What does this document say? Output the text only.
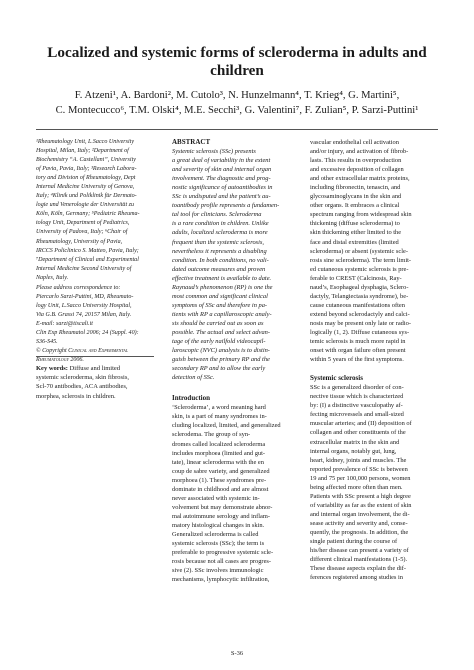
Localized and systemic forms of scleroderma in adults and
children
F. Atzeni¹, A. Bardoni², M. Cutolo³, N. Hunzelmann⁴, T. Krieg⁴, G. Martini⁵,
C. Montecucco⁶, T.M. Olski⁴, M.E. Secchi³, G. Valentini⁷, F. Zulian⁵, P. Sarzi-Puttini¹

¹Rheumatology Unit, L.Sacco University

Hospital, Milan, Italy; ²Department of

Biochemistry “A. Castellani”, University

of Pavia, Pavia, Italy; ³Research Labora-

tory and Division of Rheumatology, Dept

Internal Medicine University of Genova,

Italy; ⁴Klinik und Poliklinik für Dermato-

logie und Venerologie der Universität zu

Köln, Köln, Germany; ⁵Pediatric Rheuma-

tology Unit, Department of Pediatrics,

University of Padova, Italy; ⁶Chair of

Rheumatology, University of Pavia,

IRCCS Policlinico S. Matteo, Pavia, Italy;

⁷Department of Clinical and Experimental

Internal Medicine Second University of

Naples, Italy.

Please address correspondence to:

Piercarlo Sarzi-Puttini, MD, Rheumato-

logy Unit, L.Sacco University Hospital,

Via G.B. Grassi 74, 20157 Milan, Italy.

E-mail: sarzi@tiscali.it

Clin Exp Rheumatol 2006; 24 (Suppl. 40):

S36-S45.

© Copyright Clinical and Experimental

Rheumatology 2006.

Key words: Diffuse and limited

systemic scleroderma, skin fibrosis,

Scl-70 antibodies, ACA antibodies,

morphea, sclerosis in children.

ABSTRACT

Systemic sclerosis (SSc) presents

a great deal of variability in the extent

and severity of skin and internal organ

involvement. The diagnostic and prog-

nostic significance of autoantibodies in

SSc is undisputed and the patient’s au-

toantibody profile represents a fundamen-

tal tool for clinicians. Scleroderma

is a rare condition in children. Unlike

adults, localized scleroderma is more

frequent than the systemic sclerosis,

nevertheless it represents a disabling

condition. In both conditions, no vali-

dated outcome measures and proven

effective treatment is available to date.

Raynaud’s phenomenon (RP) is one the

most common and significant clinical

symptoms of SSc and therefore in pa-

tients with RP a capillaroscopic analy-

sis should be carried out as soon as

possible. The actual and select advan-

tage of the early nailfold videocapil-

laroscopic (NVC) analysis is to distin-

guish between the primary RP and the

secondary RP and to allow the early

detection of SSc.

Introduction

‘Scleroderma’, a word meaning hard

skin, is a part of many syndromes in-

cluding localized, limited, and generalized

sclerodema. The group of syn-

dromes called localized scleroderma

includes morphoea (limited and gut-

tate), linear scleroderma with the en

coup de sabre variety, and generalized

morphoea (1). These syndromes pre-

dominate in childhood and are almost

never associated with systemic in-

volvement but may demonstrate abnor-

mal autoimmune serology and inflam-

matory histological changes in skin.

Generalized scleroderma is called

systemic sclerosis (SSc); the term is

preferable to progressive systemic scle-

rosis because not all cases are progres-

sive (2). SSc involves immunologic

mechanisms, lymphocytic infiltration,

vascular endothelial cell activation

and/or injury, and activation of fibrob-

lasts. This results in overproduction

and excessive deposition of collagen

and other extracellular matrix proteins,

including fibronectin, tenascin, and

glycosaminoglycans in the skin and

other organs. It embraces a clinical

spectrum ranging from widespread skin

thickening (diffuse scleroderma) to

skin thickening either limited to the

face and distal extremities (limited

scleroderma) or absent (systemic scle-

rosis sine scleroderma). The term limit-

ed cutaneous systemic sclerosis is pre-

ferable to CREST (Calcinosis, Ray-

naud’s, Esophageal dysphagia, Sclero-

dactyly, Telangiectasia syndrome), be-

cause cutaneous manifestations often

extend beyond sclerodactyly and calci-

nosis may be present only late or radio-

logically (1, 2). Diffuse cutaneous sys-

temic sclerosis is much more rapid in

onset with organ failure often present

within 5 years of the first symptoms.

Systemic sclerosis

SSc is a generalized disorder of con-

nective tissue which is characterized

by: (I) a distinctive vasculopathy af-

fecting microvessels and small-sized

muscular arteries; and (II) deposition of

collagen and other constituents of the

extracellular matrix in the skin and

internal organs, notably gut, lung,

heart, kidney, joints and muscles. The

reported prevalence of SSc is between

19 and 75 per 100,000 persons, women

being affected more often than men.

Patients with SSc present a high degree

of variability as far as the extent of skin

and internal organ involvement, the di-

sease activity and severity and, conse-

quently, the prognosis. In addition, the

single patient during the course of

his/her disease can present a variety of

different clinical manifestations (1-5).

These disease aspects explain the dif-

ferences registered among studies in

S-36
